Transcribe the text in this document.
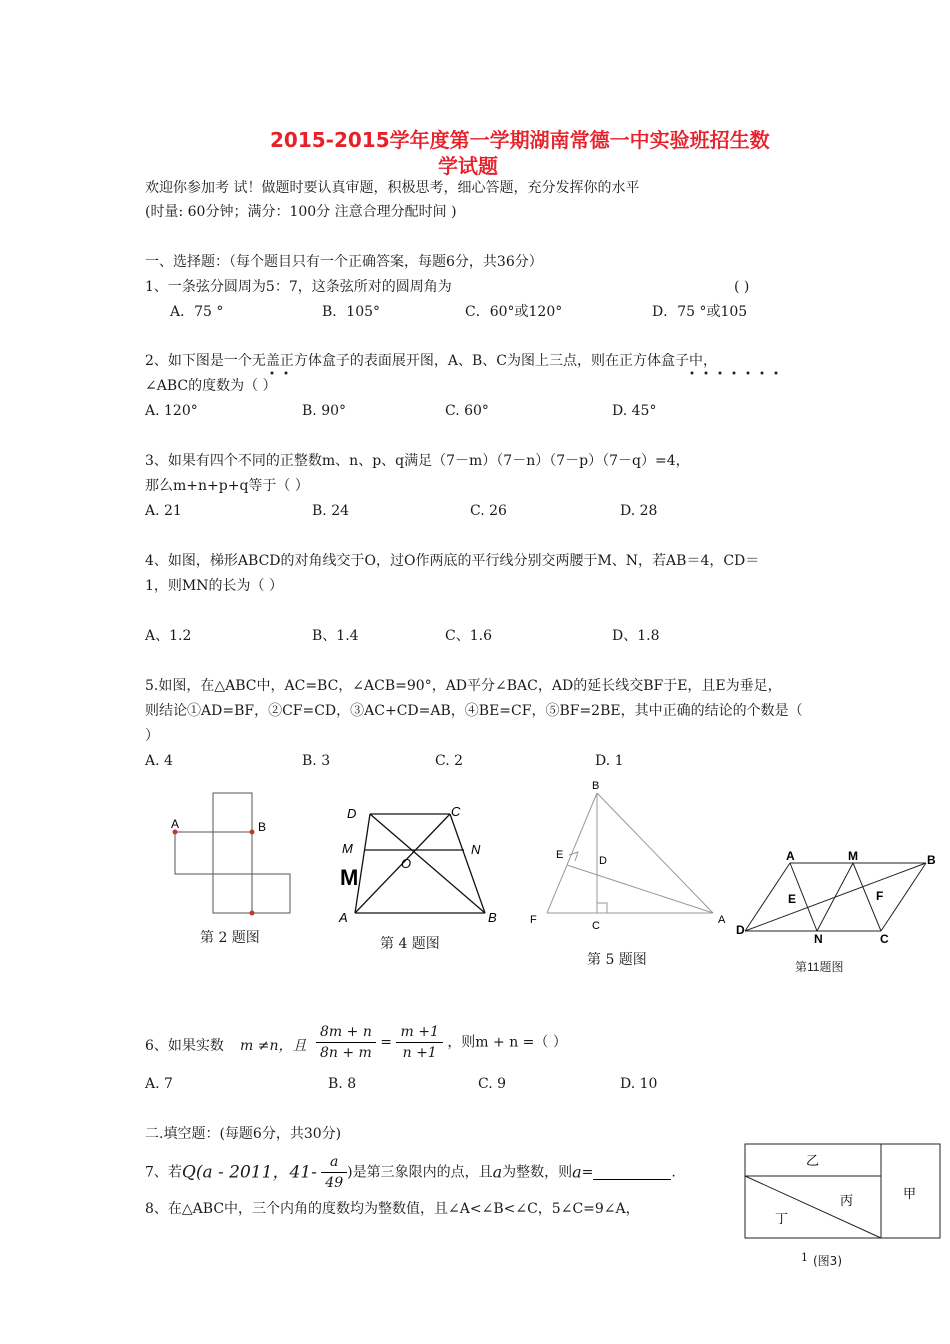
2015-2015学年度第一学期湖南常德一中实验班招生数
学试题
欢迎你参加考 试！做题时要认真审题，积极思考，细心答题，充分发挥你的水平
(时量: 60分钟；满分：100分 注意合理分配时间 )
一、选择题：（每个题目只有一个正确答案，每题6分，共36分）
1、一条弦分圆周为5：7，这条弦所对的圆周角为	( )
A．75 °	B．105°	C．60°或120°	D．75 °或105
2、如下图是一个无盖正方体盒子的表面展开图，A、B、C为图上三点，则在正方体盒子中，
∠ABC的度数为（ ）
A. 120°	B. 90°	C. 60°	D. 45°
3、如果有四个不同的正整数m、n、p、q满足（7－m）（7－n）（7－p）（7－q）=4，
那么m+n+p+q等于（ ）
A. 21	B. 24	C. 26	D. 28
4、如图，梯形ABCD的对角线交于O，过O作两底的平行线分别交两腰于M、N，若AB＝4，CD＝
1，则MN的长为（ ）
A、1.2	B、1.4	C、1.6	D、1.8
5.如图，在△ABC中，AC=BC，∠ACB=90°，AD平分∠BAC，AD的延长线交BF于E，且E为垂足，
则结论①AD=BF，②CF=CD，③AC+CD=AB，④BE=CF，⑤BF=2BE，其中正确的结论的个数是（
）
A. 4	B. 3	C. 2	D. 1
A	B
第 2 题图
D	C
M	N
O
M
A	B
第 4 题图
B
E	D
F	C	A
第 5 题图
A	M	B
E	F
D
N	C
第11题图
6、如果实数 m ≠n，且 $\frac{8m + n}{8n + m} = \frac{m +1}{n +1}$ ，则m + n =（ ）
A. 7	B. 8	C. 9	D. 10
二.填空题：(每题6分，共30分)
7、若Q(a - 2011，$41- \frac{a}{49}$ )是第三象限内的点，且a为整数，则a=	.
8、在△ABC中，三个内角的度数均为整数值，且∠A<∠B<∠C，5∠C=9∠A，
乙
甲
丙
丁
1 (图3)
